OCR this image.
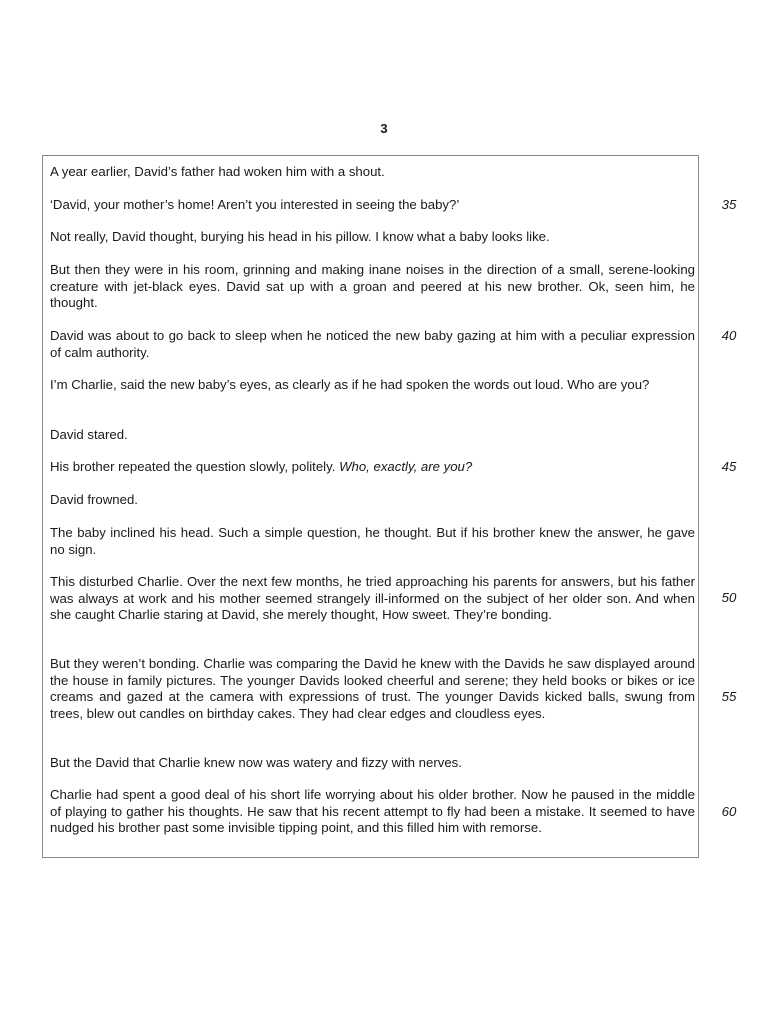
3

A year earlier, David’s father had woken him with a shout.

‘David, your mother’s home! Aren’t you interested in seeing the baby?’

Not really, David thought, burying his head in his pillow. I know what a baby looks like.

But then they were in his room, grinning and making inane noises in the direction of a small, serene-looking creature with jet-black eyes. David sat up with a groan and peered at his new brother. Ok, seen him, he thought.

David was about to go back to sleep when he noticed the new baby gazing at him with a peculiar expression of calm authority.

I’m Charlie, said the new baby’s eyes, as clearly as if he had spoken the words out loud. Who are you?

David stared.

His brother repeated the question slowly, politely. Who, exactly, are you?

David frowned.

The baby inclined his head. Such a simple question, he thought. But if his brother knew the answer, he gave no sign.

This disturbed Charlie. Over the next few months, he tried approaching his parents for answers, but his father was always at work and his mother seemed strangely ill-informed on the subject of her older son. And when she caught Charlie staring at David, she merely thought, How sweet. They’re bonding.

But they weren’t bonding. Charlie was comparing the David he knew with the Davids he saw displayed around the house in family pictures. The younger Davids looked cheerful and serene; they held books or bikes or ice creams and gazed at the camera with expressions of trust. The younger Davids kicked balls, swung from trees, blew out candles on birthday cakes. They had clear edges and cloudless eyes.

But the David that Charlie knew now was watery and fizzy with nerves.

Charlie had spent a good deal of his short life worrying about his older brother. Now he paused in the middle of playing to gather his thoughts. He saw that his recent attempt to fly had been a mistake. It seemed to have nudged his brother past some invisible tipping point, and this filled him with remorse.

35
40
45
50
55
60
